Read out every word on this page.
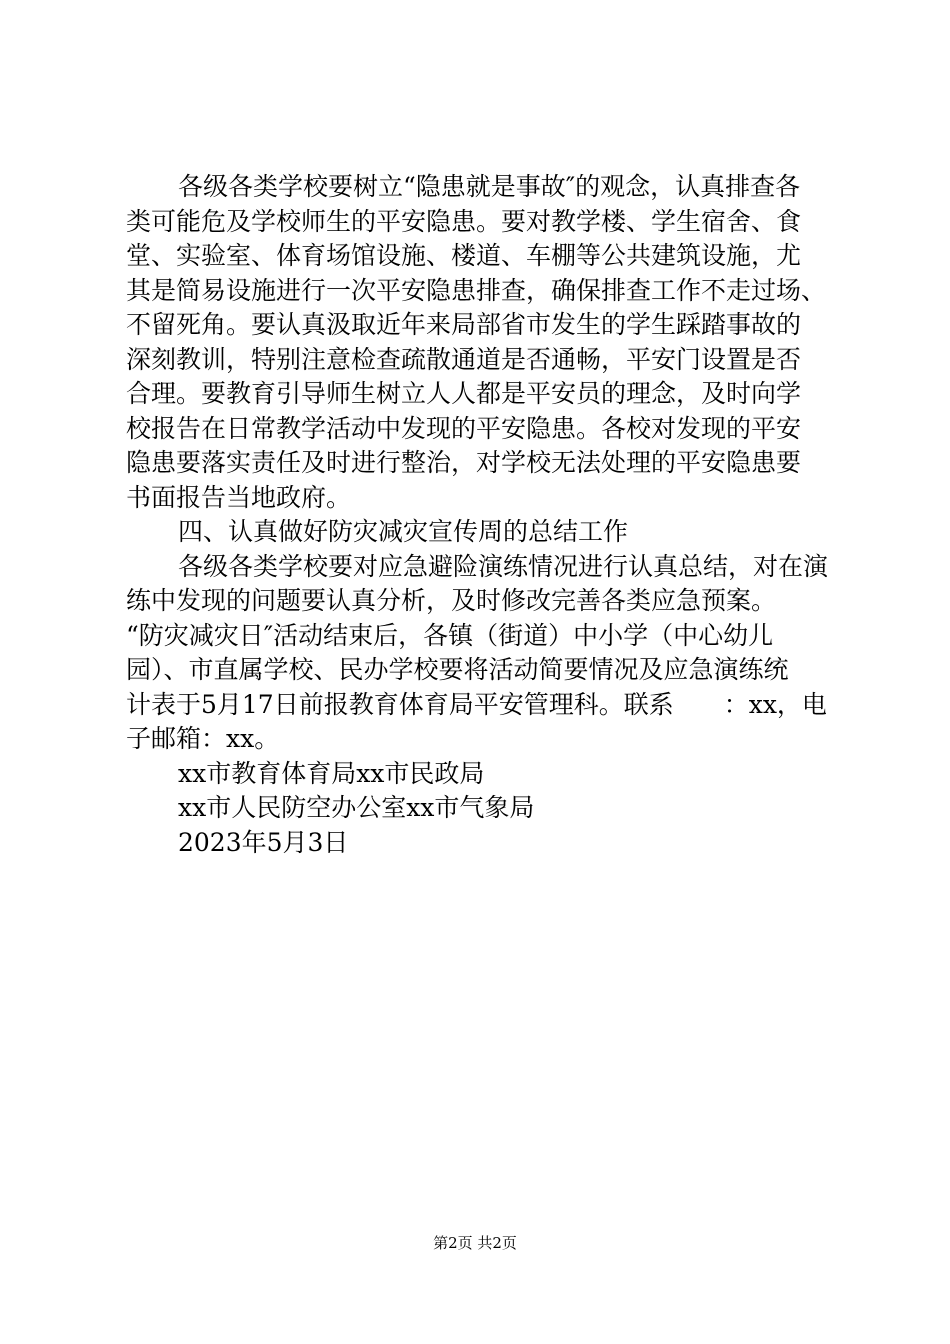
各级各类学校要树立“隐患就是事故″的观念，认真排查各
类可能危及学校师生的平安隐患。要对教学楼、学生宿舍、食
堂、实验室、体育场馆设施、楼道、车棚等公共建筑设施，尤
其是简易设施进行一次平安隐患排查，确保排查工作不走过场、
不留死角。要认真汲取近年来局部省市发生的学生踩踏事故的
深刻教训，特别注意检查疏散通道是否通畅，平安门设置是否
合理。要教育引导师生树立人人都是平安员的理念，及时向学
校报告在日常教学活动中发现的平安隐患。各校对发现的平安
隐患要落实责任及时进行整治，对学校无法处理的平安隐患要
书面报告当地政府。
四、认真做好防灾减灾宣传周的总结工作
各级各类学校要对应急避险演练情况进行认真总结，对在演
练中发现的问题要认真分析，及时修改完善各类应急预案。
“防灾减灾日″活动结束后，各镇（街道）中小学（中心幼儿
园）、市直属学校、民办学校要将活动简要情况及应急演练统
计表于5月17日前报教育体育局平安管理科。联系　　：xx，电
子邮箱：xx。
xx市教育体育局xx市民政局
xx市人民防空办公室xx市气象局
2023年5月3日
第2页 共2页
